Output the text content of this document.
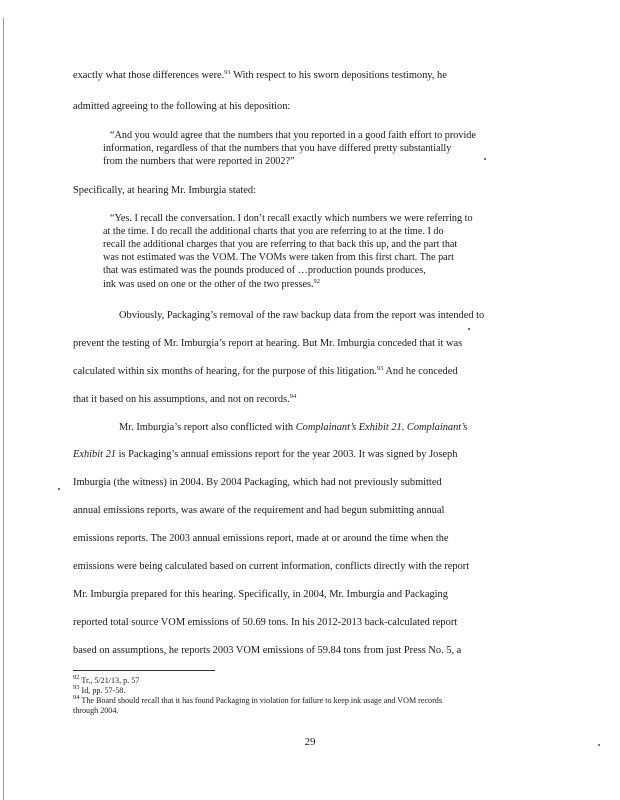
exactly what those differences were.$^{91}$ With respect to his sworn depositions testimony, he
admitted agreeing to the following at his deposition:
“And you would agree that the numbers that you reported in a good faith effort to provide
information, regardless of that the numbers that you have differed pretty substantially
from the numbers that were reported in 2002?”
Specifically, at hearing Mr. Imburgia stated:
“Yes. I recall the conversation. I don’t recall exactly which numbers we were referring to
at the time. I do recall the additional charts that you are referring to at the time. I do
recall the additional charges that you are referring to that back this up, and the part that
was not estimated was the VOM. The VOMs were taken from this first chart. The part
that was estimated was the pounds produced of …production pounds produces,
ink was used on one or the other of the two presses.$^{92}$
Obviously, Packaging’s removal of the raw backup data from the report was intended to
prevent the testing of Mr. Imburgia’s report at hearing. But Mr. Imburgia conceded that it was
calculated within six months of hearing, for the purpose of this litigation.$^{93}$ And he conceded
that it based on his assumptions, and not on records.$^{94}$
Mr. Imburgia’s report also conflicted with Complainant’s Exhibit 21. Complainant’s
Exhibit 21 is Packaging’s annual emissions report for the year 2003. It was signed by Joseph
Imburgia (the witness) in 2004. By 2004 Packaging, which had not previously submitted
annual emissions reports, was aware of the requirement and had begun submitting annual
emissions reports. The 2003 annual emissions report, made at or around the time when the
emissions were being calculated based on current information, conflicts directly with the report
Mr. Imburgia prepared for this hearing. Specifically, in 2004, Mr. Imburgia and Packaging
reported total source VOM emissions of 50.69 tons. In his 2012-2013 back-calculated report
based on assumptions, he reports 2003 VOM emissions of 59.84 tons from just Press No. 5, a
$^{92}$ Tr., 5/21/13, p. 57
$^{93}$ Id, pp. 57-58.
$^{94}$ The Board should recall that it has found Packaging in violation for failure to keep ink usage and VOM records
through 2004.
29
